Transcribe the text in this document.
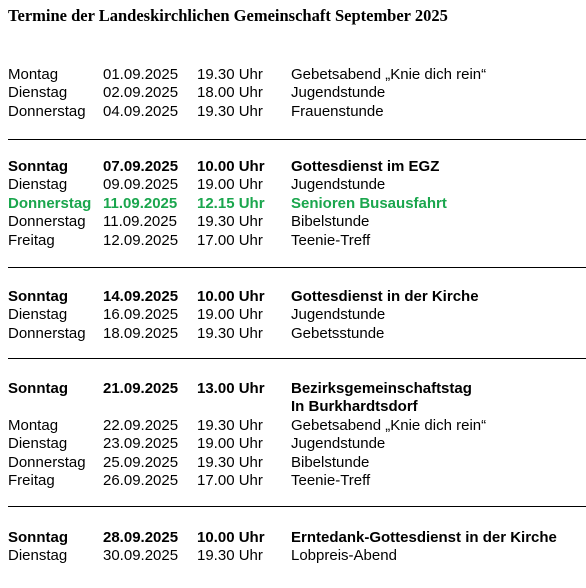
Termine der Landeskirchlichen Gemeinschaft September 2025
Montag	01.09.2025 19.30 Uhr Gebetsabend „Knie dich rein“
Dienstag 02.09.2025 18.00 Uhr Jugendstunde
Donnerstag 04.09.2025 19.30 Uhr Frauenstunde
Sonntag 07.09.2025 10.00 Uhr Gottesdienst im EGZ
Dienstag 09.09.2025 19.00 Uhr Jugendstunde
Donnerstag 11.09.2025 12.15 Uhr Senioren Busausfahrt
Donnerstag 11.09.2025 19.30 Uhr Bibelstunde
Freitag	12.09.2025 17.00 Uhr Teenie-Treff
Sonntag 14.09.2025 10.00 Uhr Gottesdienst in der Kirche
Dienstag 16.09.2025 19.00 Uhr Jugendstunde
Donnerstag 18.09.2025 19.30 Uhr Gebetsstunde
Sonntag 21.09.2025 13.00 Uhr Bezirksgemeinschaftstag
In Burkhardtsdorf
Montag	22.09.2025 19.30 Uhr Gebetsabend „Knie dich rein“
Dienstag 23.09.2025 19.00 Uhr Jugendstunde
Donnerstag 25.09.2025 19.30 Uhr Bibelstunde
Freitag	26.09.2025 17.00 Uhr Teenie-Treff
Sonntag 28.09.2025 10.00 Uhr Erntedank-Gottesdienst in der Kirche
Dienstag 30.09.2025 19.30 Uhr Lobpreis-Abend
